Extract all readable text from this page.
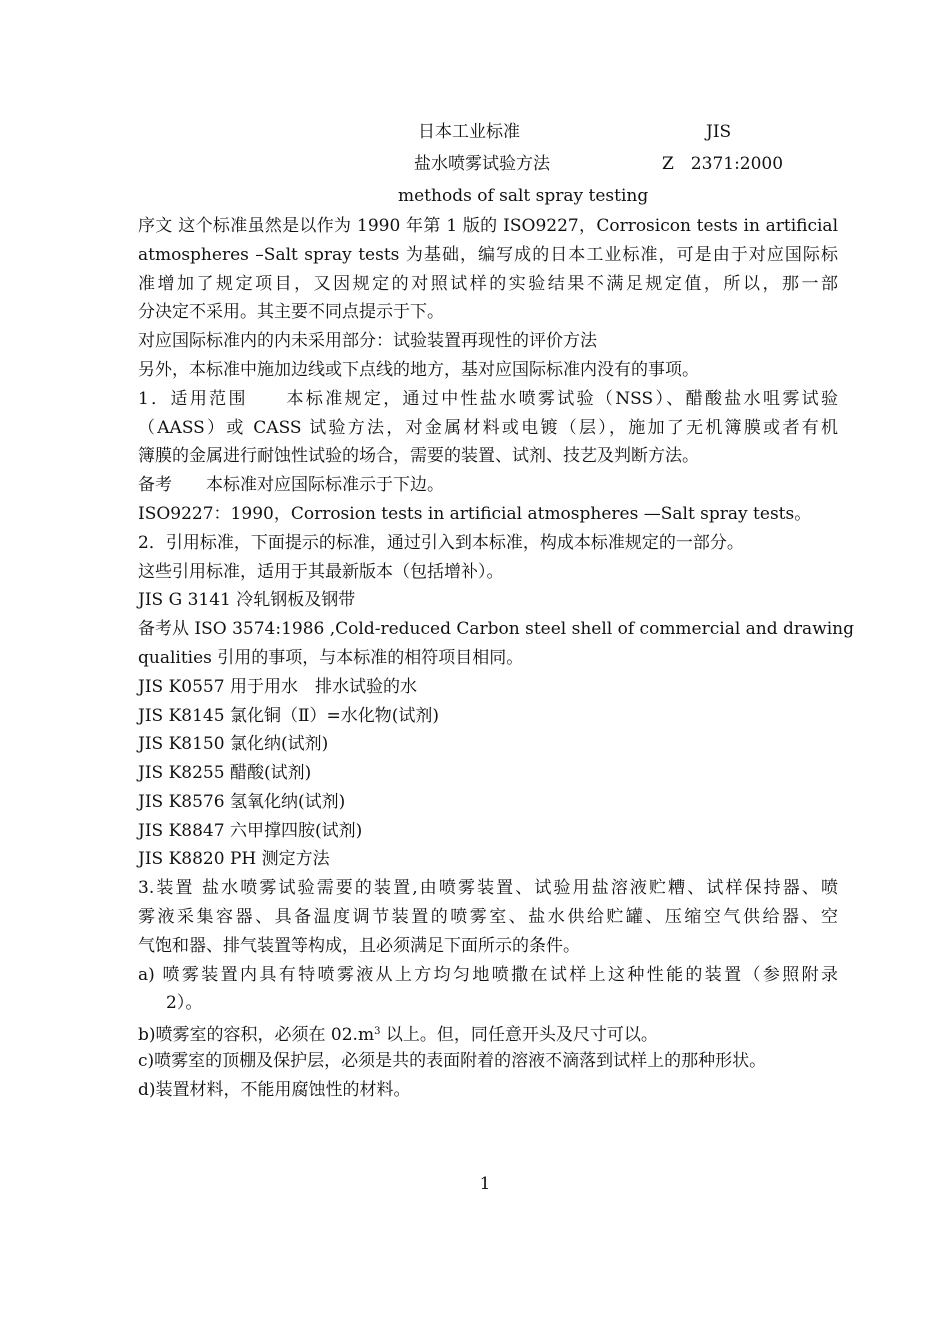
日本工业标准	JIS
盐水喷雾试验方法	Z　2371:2000
methods of salt spray testing
序文 这个标准虽然是以作为 1990 年第 1 版的 ISO9227，Corrosicon tests in artificial
atmospheres –Salt spray tests 为基础，编写成的日本工业标准，可是由于对应国际标
准增加了规定项目，又因规定的对照试样的实验结果不满足规定值，所以，那一部
分决定不采用。其主要不同点提示于下。
对应国际标准内的内未采用部分：试验装置再现性的评价方法
另外，本标准中施加边线或下点线的地方，基对应国际标准内没有的事项。
1．适用范围　　本标准规定，通过中性盐水喷雾试验（NSS）、醋酸盐水咀雾试验
（AASS）或 CASS 试验方法，对金属材料或电镀（层），施加了无机簿膜或者有机
簿膜的金属进行耐蚀性试验的场合，需要的装置、试剂、技艺及判断方法。
备考　　本标准对应国际标准示于下边。
ISO9227：1990，Corrosion tests in artificial atmospheres —Salt spray tests。
2．引用标准，下面提示的标准，通过引入到本标准，构成本标准规定的一部分。
这些引用标准，适用于其最新版本（包括增补）。
JIS G 3141 冷轧钢板及钢带
备考从 ISO 3574:1986 ,Cold-reduced Carbon steel shell of commercial and drawing
qualities 引用的事项，与本标准的相符项目相同。
JIS K0557 用于用水　排水试验的水
JIS K8145 氯化铜（Ⅱ）=水化物(试剂)
JIS K8150 氯化纳(试剂)
JIS K8255 醋酸(试剂)
JIS K8576 氢氧化纳(试剂)
JIS K8847 六甲撑四胺(试剂)
JIS K8820 PH 测定方法
3.装置 盐水喷雾试验需要的装置,由喷雾装置、试验用盐溶液贮糟、试样保持器、喷
雾液采集容器、具备温度调节装置的喷雾室、盐水供给贮罐、压缩空气供给器、空
气饱和器、排气装置等构成，且必须满足下面所示的条件。
a) 喷雾装置内具有特喷雾液从上方均匀地喷撒在试样上这种性能的装置（参照附录
2）。
b)喷雾室的容积，必须在 $02.m^3$ 以上。但，同任意开头及尺寸可以。
c)喷雾室的顶棚及保护层，必须是共的表面附着的溶液不滴落到试样上的那种形状。
d)装置材料，不能用腐蚀性的材料。
1
